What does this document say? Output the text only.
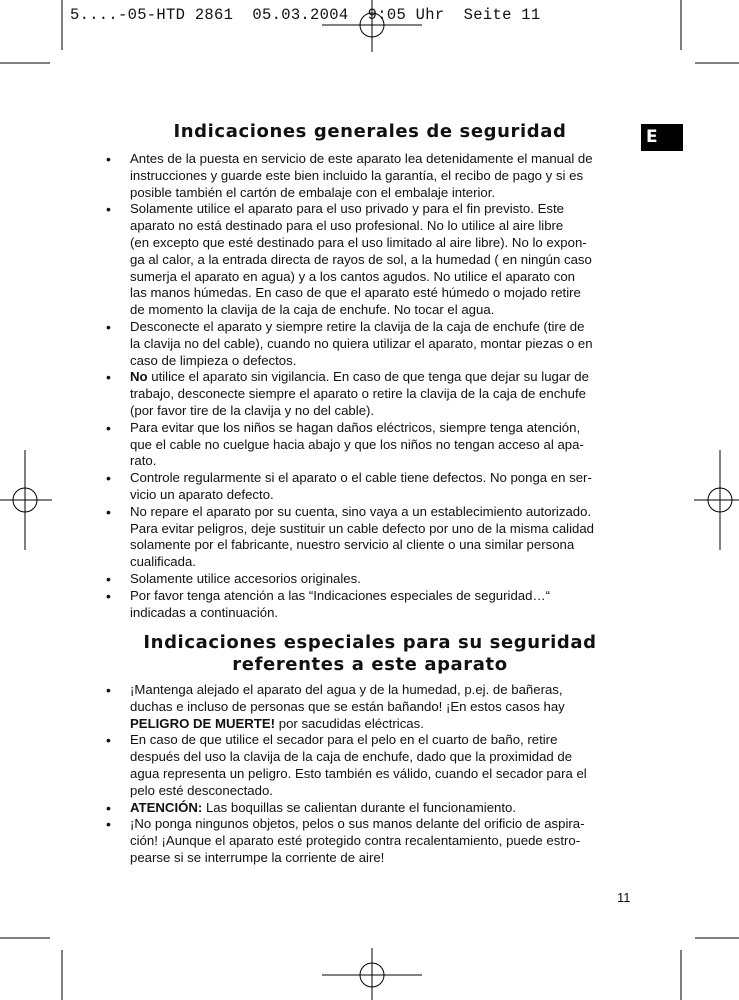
5....-05-HTD 2861  05.03.2004  9:05 Uhr  Seite 11
E
Indicaciones generales de seguridad
• Antes de la puesta en servicio de este aparato lea detenidamente el manual de
instrucciones y guarde este bien incluido la garantía, el recibo de pago y si es
posible también el cartón de embalaje con el embalaje interior.
• Solamente utilice el aparato para el uso privado y para el fin previsto. Este
aparato no está destinado para el uso profesional. No lo utilice al aire libre
(en excepto que esté destinado para el uso limitado al aire libre). No lo expon-
ga al calor, a la entrada directa de rayos de sol, a la humedad ( en ningún caso
sumerja el aparato en agua) y a los cantos agudos. No utilice el aparato con
las manos húmedas. En caso de que el aparato esté húmedo o mojado retire
de momento la clavija de la caja de enchufe. No tocar el agua.
• Desconecte el aparato y siempre retire la clavija de la caja de enchufe (tire de
la clavija no del cable), cuando no quiera utilizar el aparato, montar piezas o en
caso de limpieza o defectos.
• No utilice el aparato sin vigilancia. En caso de que tenga que dejar su lugar de
trabajo, desconecte siempre el aparato o retire la clavija de la caja de enchufe
(por favor tire de la clavija y no del cable).
• Para evitar que los niños se hagan daños eléctricos, siempre tenga atención,
que el cable no cuelgue hacia abajo y que los niños no tengan acceso al apa-
rato.
• Controle regularmente si el aparato o el cable tiene defectos. No ponga en ser-
vicio un aparato defecto.
• No repare el aparato por su cuenta, sino vaya a un establecimiento autorizado.
Para evitar peligros, deje sustituir un cable defecto por uno de la misma calidad
solamente por el fabricante, nuestro servicio al cliente o una similar persona
cualificada.
• Solamente utilice accesorios originales.
• Por favor tenga atención a las “Indicaciones especiales de seguridad…“
indicadas a continuación.
Indicaciones especiales para su seguridad
referentes a este aparato
• ¡Mantenga alejado el aparato del agua y de la humedad, p.ej. de bañeras,
duchas e incluso de personas que se están bañando! ¡En estos casos hay
PELIGRO DE MUERTE! por sacudidas eléctricas.
• En caso de que utilice el secador para el pelo en el cuarto de baño, retire
después del uso la clavija de la caja de enchufe, dado que la proximidad de
agua representa un peligro. Esto también es válido, cuando el secador para el
pelo esté desconectado.
• ATENCIÓN: Las boquillas se calientan durante el funcionamiento.
• ¡No ponga ningunos objetos, pelos o sus manos delante del orificio de aspira-
ción! ¡Aunque el aparato esté protegido contra recalentamiento, puede estro-
pearse si se interrumpe la corriente de aire!
11
